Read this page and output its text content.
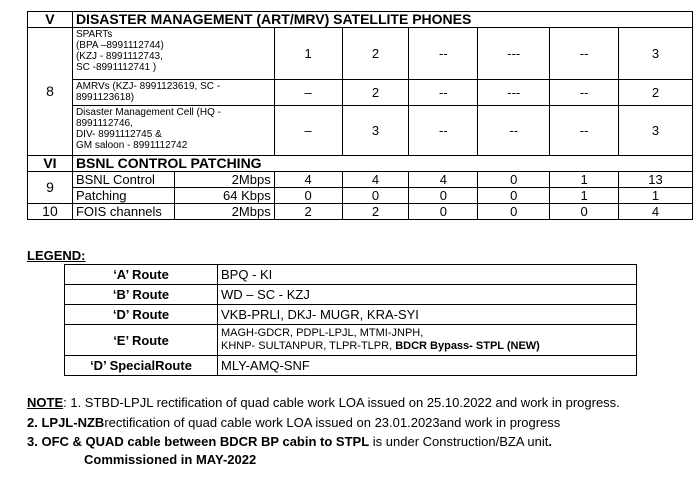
V	DISASTER MANAGEMENT (ART/MRV) SATELLITE PHONES							
8	SPARTs
(BPA –8991112744)
(KZJ - 8991112743,
SC -8991112741 )		1	2	--	---	--	3
	AMRVs (KZJ- 8991123619, SC -
8991123618)		–	2	--	---	--	2
	Disaster Management Cell (HQ -
8991112746,
DIV- 8991112745 &
GM saloon - 8991112742		–	3	--	--	--	3
VI	BSNL CONTROL PATCHING							
9	BSNL Control	2Mbps	4	4	4	0	1	13
	Patching	64 Kbps	0	0	0	0	1	1
10	FOIS channels	2Mbps	2	2	0	0	0	4
LEGEND:
‘A’ Route	BPQ - KI
‘B’ Route	WD – SC - KZJ
‘D’ Route	VKB-PRLI, DKJ- MUGR, KRA-SYI
‘E’ Route	MAGH-GDCR, PDPL-LPJL, MTMI-JNPH,
KHNP- SULTANPUR, TLPR-TLPR, BDCR Bypass- STPL (NEW)

‘D’ SpecialRoute	MLY-AMQ-SNF
NOTE: 1. STBD-LPJL rectification of quad cable work LOA issued on 25.10.2022 and work in progress.
2. LPJL-NZBrectification of quad cable work LOA issued on 23.01.2023and work in progress
3. OFC & QUAD cable between BDCR BP cabin to STPL is under Construction/BZA unit.
Commissioned in MAY-2022
